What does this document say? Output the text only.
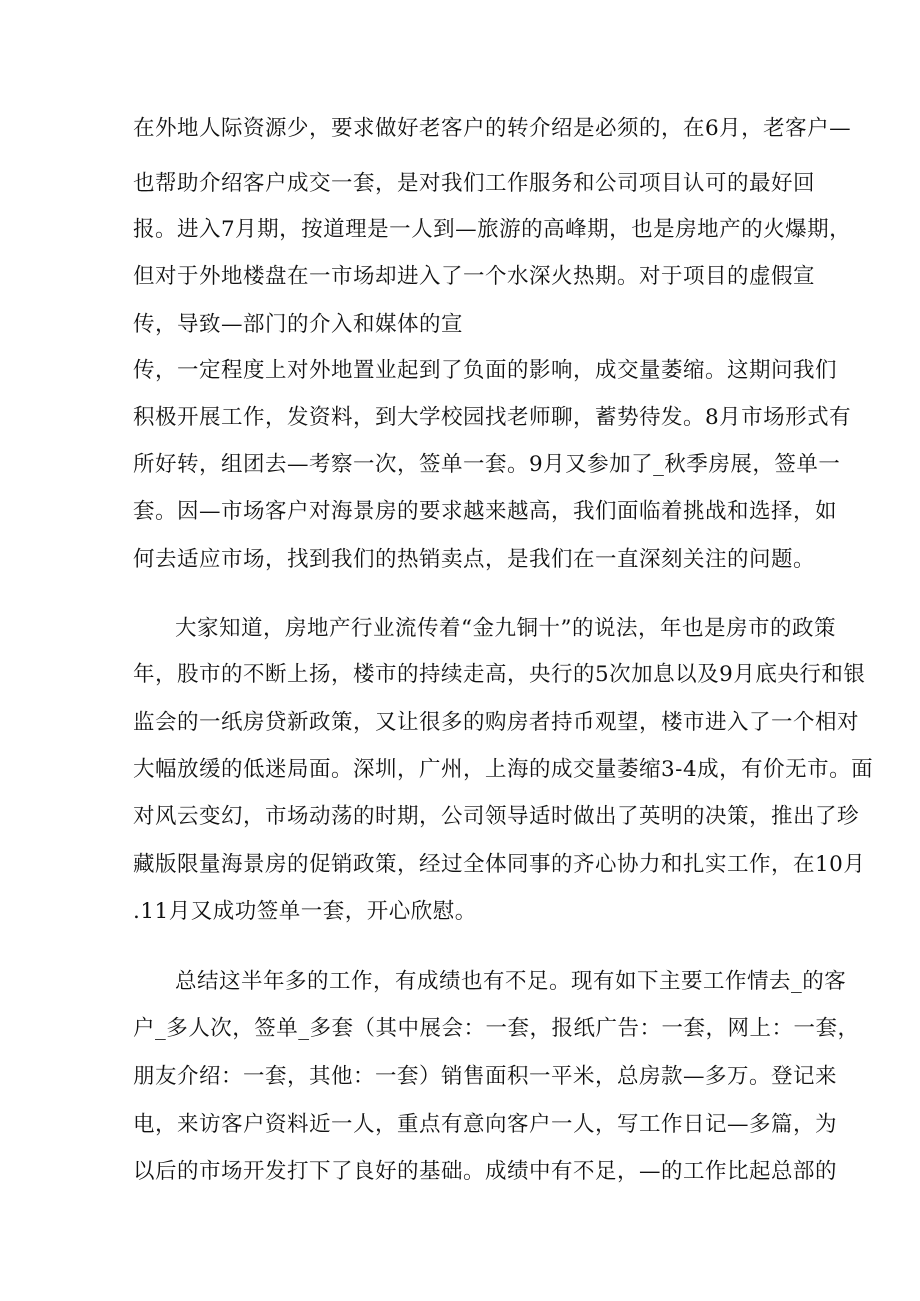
在外地人际资源少，要求做好老客户的转介绍是必须的，在6月，老客户—
也帮助介绍客户成交一套，是对我们工作服务和公司项目认可的最好回
报。进入7月期，按道理是一人到—旅游的高峰期，也是房地产的火爆期，
但对于外地楼盘在一市场却进入了一个水深火热期。对于项目的虚假宣
传，导致—部门的介入和媒体的宣
传，一定程度上对外地置业起到了负面的影响，成交量萎缩。这期问我们
积极开展工作，发资料，到大学校园找老师聊，蓄势待发。8月市场形式有
所好转，组团去—考察一次，签单一套。9月又参加了_秋季房展，签单一
套。因—市场客户对海景房的要求越来越高，我们面临着挑战和选择，如
何去适应市场，找到我们的热销卖点，是我们在一直深刻关注的问题。
大家知道，房地产行业流传着“金九铜十”的说法，年也是房市的政策
年，股市的不断上扬，楼市的持续走高，央行的5次加息以及9月底央行和银
监会的一纸房贷新政策，又让很多的购房者持币观望，楼市进入了一个相对
大幅放缓的低迷局面。深圳，广州，上海的成交量萎缩3-4成，有价无市。面
对风云变幻，市场动荡的时期，公司领导适时做出了英明的决策，推出了珍
藏版限量海景房的促销政策，经过全体同事的齐心协力和扎实工作，在10月
.11月又成功签单一套，开心欣慰。
总结这半年多的工作，有成绩也有不足。现有如下主要工作情去_的客
户_多人次，签单_多套（其中展会：一套，报纸广告：一套，网上：一套，
朋友介绍：一套，其他：一套）销售面积一平米，总房款—多万。登记来
电，来访客户资料近一人，重点有意向客户一人，写工作日记—多篇，为
以后的市场开发打下了良好的基础。成绩中有不足，—的工作比起总部的
